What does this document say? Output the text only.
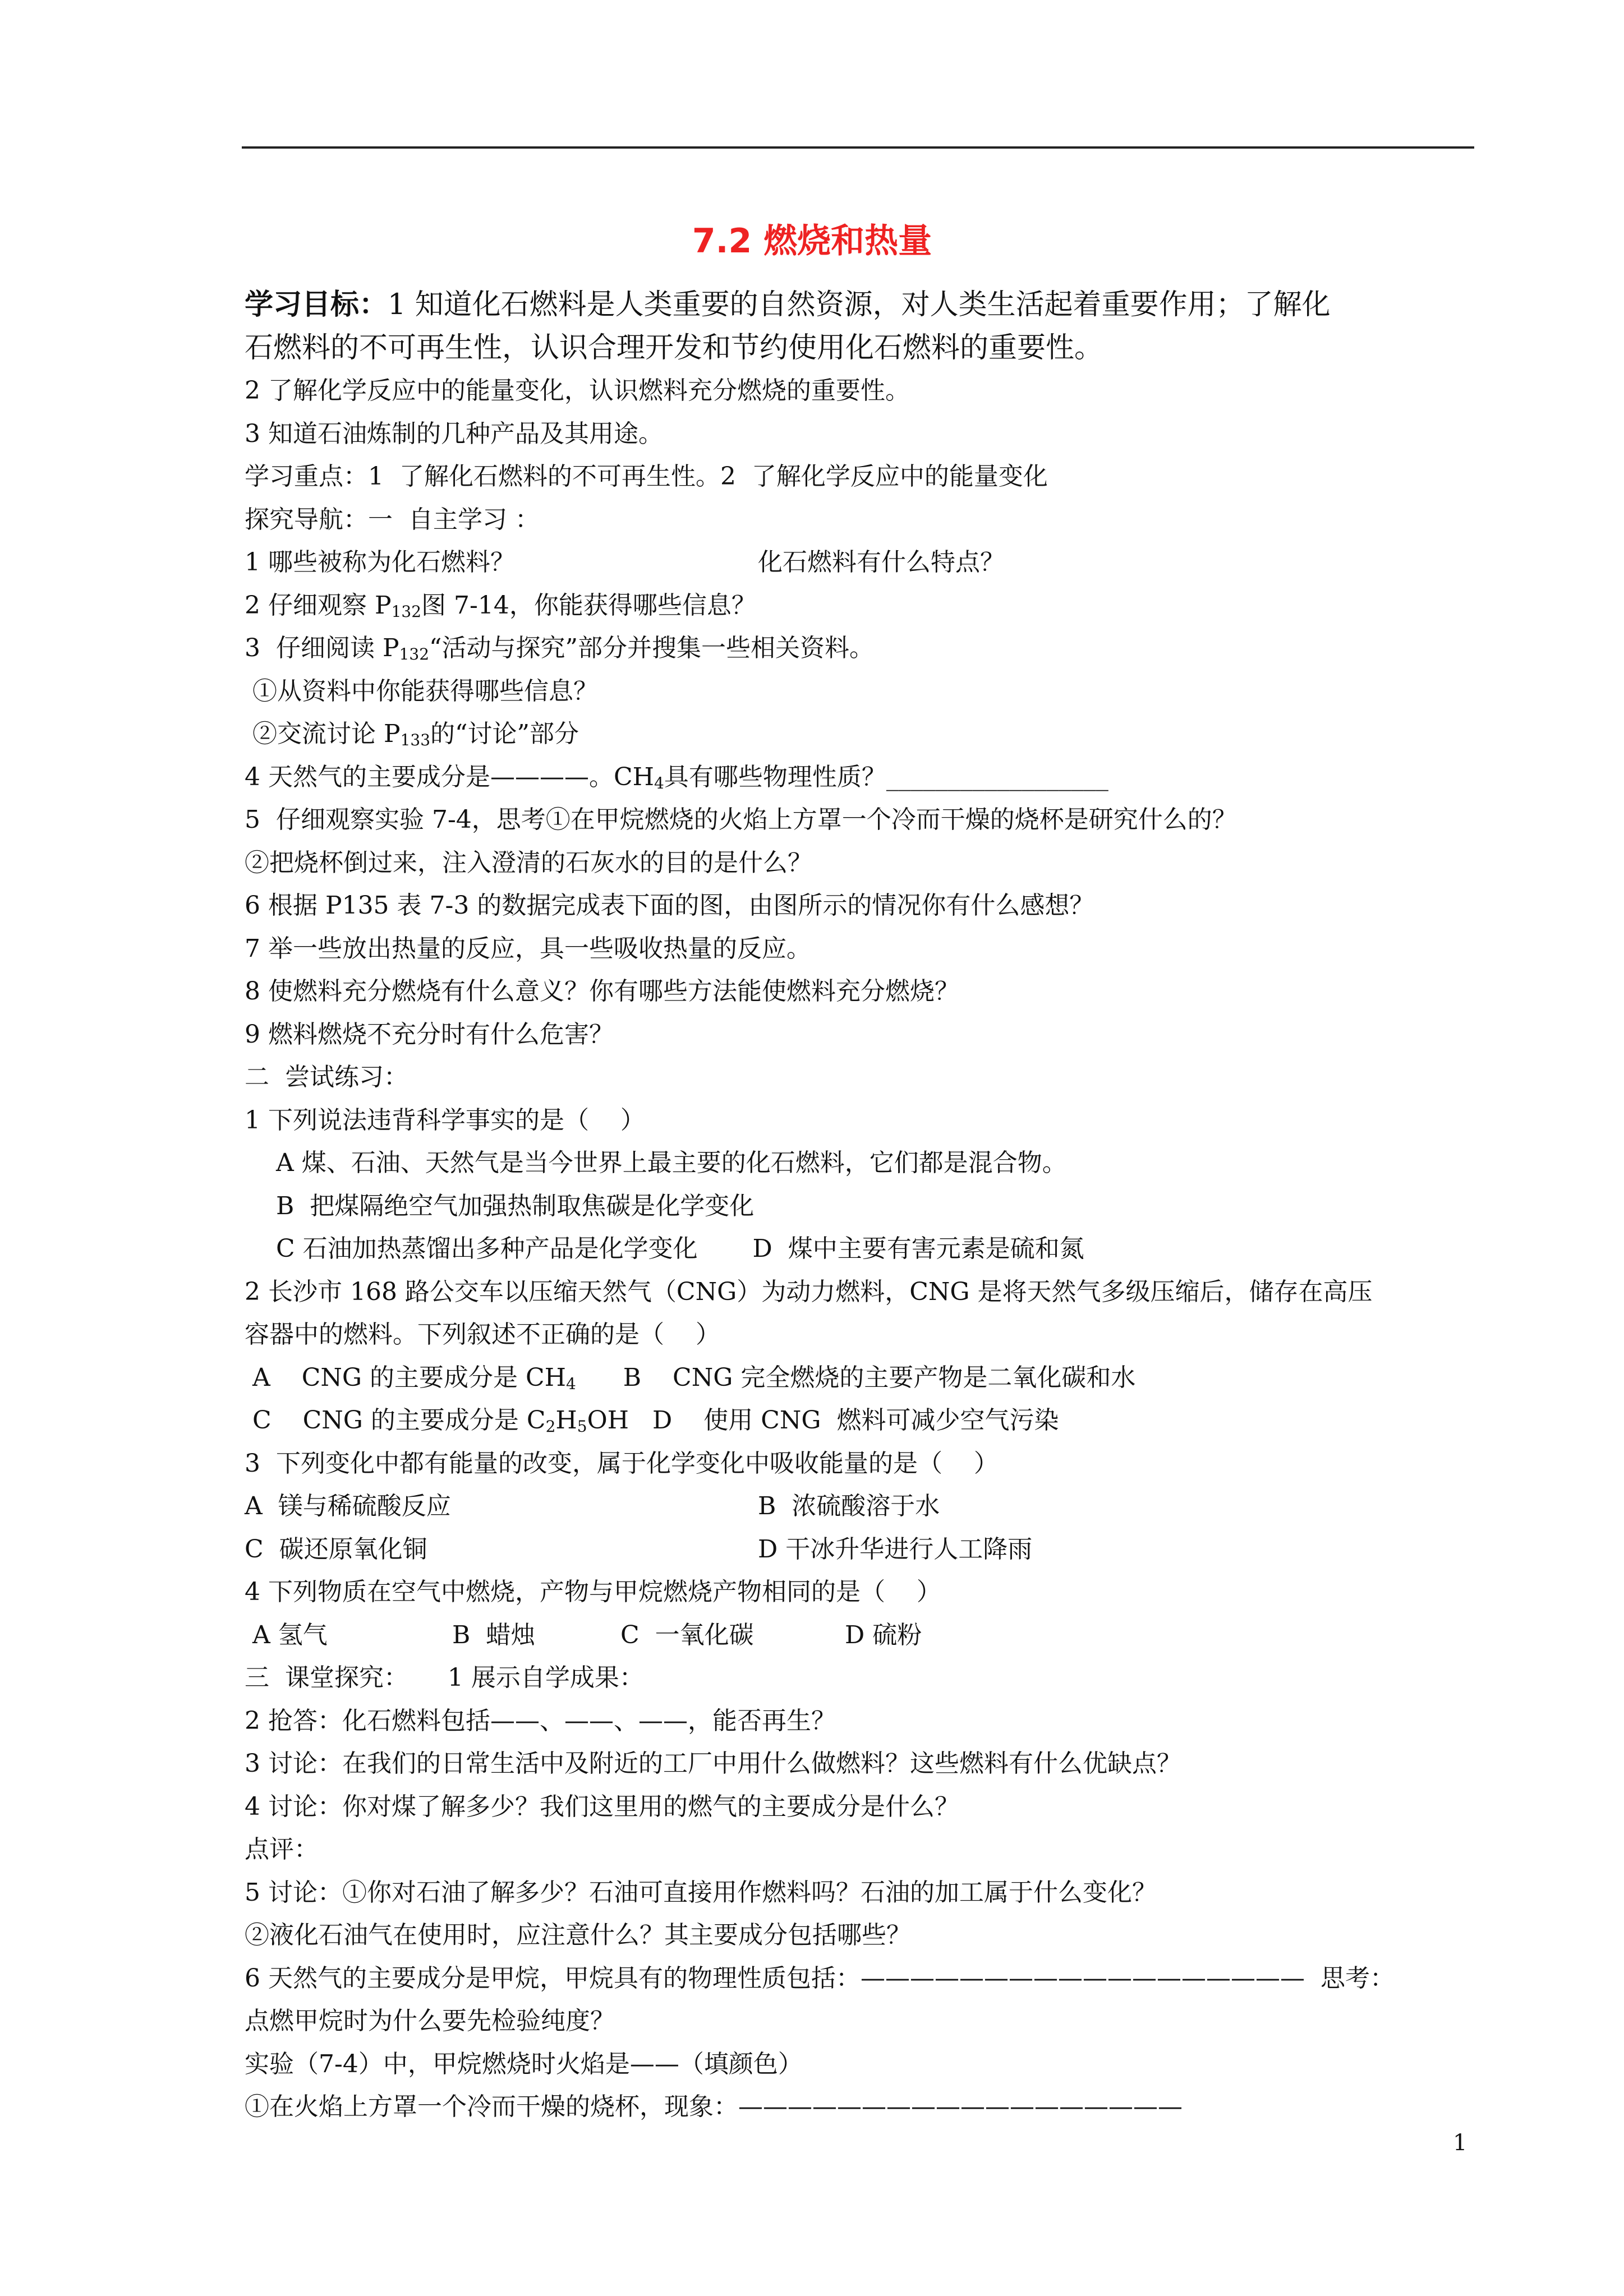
7.2 燃烧和热量
学习目标：1 知道化石燃料是人类重要的自然资源，对人类生活起着重要作用；了解化
石燃料的不可再生性，认识合理开发和节约使用化石燃料的重要性。
2 了解化学反应中的能量变化，认识燃料充分燃烧的重要性。
3 知道石油炼制的几种产品及其用途。
学习重点：1  了解化石燃料的不可再生性。2  了解化学反应中的能量变化
探究导航：一  自主学习 ：
1 哪些被称为化石燃料？	化石燃料有什么特点？
2 仔细观察 $P_{132}$图 7-14，你能获得哪些信息？
3  仔细阅读 $P_{132}“$活动与探究”部分并搜集一些相关资料。
①从资料中你能获得哪些信息？
②交流讨论 $P_{133}$的“讨论”部分
4 天然气的主要成分是————。$CH_4$具有哪些物理性质？__________________
5  仔细观察实验 7-4，思考①在甲烷燃烧的火焰上方罩一个冷而干燥的烧杯是研究什么的？
②把烧杯倒过来，注入澄清的石灰水的目的是什么？
6 根据 P135 表 7-3 的数据完成表下面的图，由图所示的情况你有什么感想？
7 举一些放出热量的反应，具一些吸收热量的反应。
8 使燃料充分燃烧有什么意义？你有哪些方法能使燃料充分燃烧？
9 燃料燃烧不充分时有什么危害？
二  尝试练习：
1 下列说法违背科学事实的是（    ）
A 煤、石油、天然气是当今世界上最主要的化石燃料，它们都是混合物。
B  把煤隔绝空气加强热制取焦碳是化学变化
C 石油加热蒸馏出多种产品是化学变化       D  煤中主要有害元素是硫和氮
2 长沙市 168 路公交车以压缩天然气（CNG）为动力燃料，CNG 是将天然气多级压缩后，储存在高压
容器中的燃料。下列叙述不正确的是（    ）
A    CNG 的主要成分是 $CH_4$      B    CNG 完全燃烧的主要产物是二氧化碳和水
C    CNG 的主要成分是 $C_2H_5OH$   D    使用 CNG  燃料可减少空气污染
3  下列变化中都有能量的改变，属于化学变化中吸收能量的是（    ）
A  镁与稀硫酸反应	B  浓硫酸溶于水
C  碳还原氧化铜	D 干冰升华进行人工降雨
4 下列物质在空气中燃烧，产物与甲烷燃烧产物相同的是（    ）
A 氢气	B  蜡烛	C  一氧化碳	D 硫粉
三  课堂探究：     1 展示自学成果：
2 抢答：化石燃料包括——、——、——，能否再生？
3 讨论：在我们的日常生活中及附近的工厂中用什么做燃料？这些燃料有什么优缺点？
4 讨论：你对煤了解多少？我们这里用的燃气的主要成分是什么？
点评：
5 讨论：①你对石油了解多少？石油可直接用作燃料吗？石油的加工属于什么变化？
②液化石油气在使用时，应注意什么？其主要成分包括哪些？
6 天然气的主要成分是甲烷，甲烷具有的物理性质包括：——————————————————  思考：
点燃甲烷时为什么要先检验纯度？
实验（7-4）中，甲烷燃烧时火焰是——（填颜色）
①在火焰上方罩一个冷而干燥的烧杯，现象：——————————————————
1
